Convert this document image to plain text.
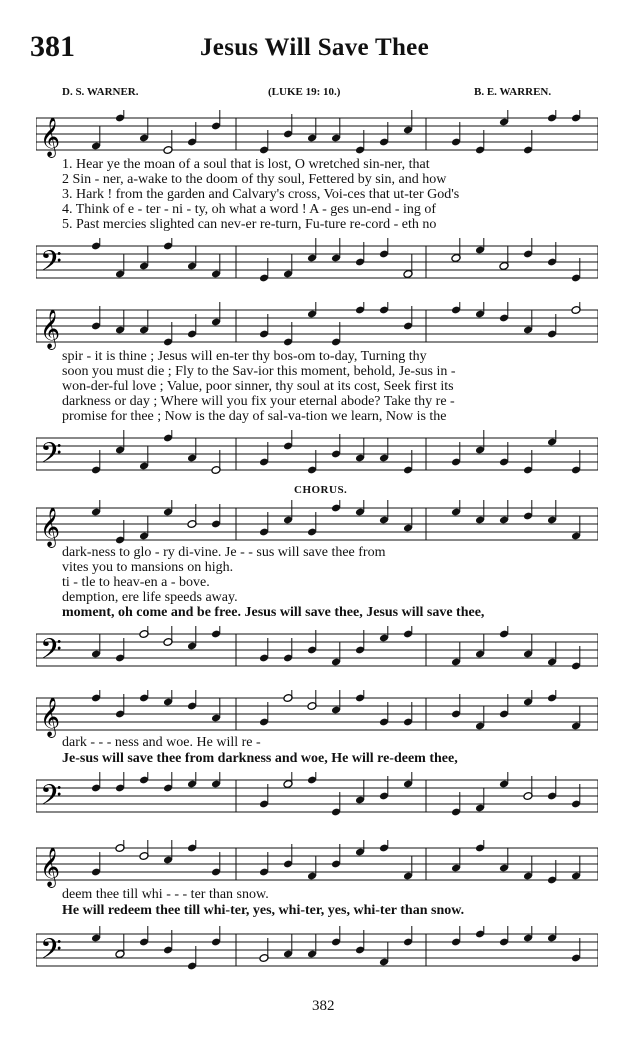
381	Jesus Will Save Thee
D. S. WARNER.	(LUKE 19: 10.)	B. E. WARREN.
𝄞
1. Hear ye the moan of a soul that is lost, O wretched sin-ner, that
2 Sin - ner, a-wake to the doom of thy soul, Fettered by sin, and how
3. Hark ! from the garden and Calvary's cross, Voi-ces that ut-ter God's
4. Think of e - ter - ni - ty, oh what a word ! A - ges un-end - ing of
5. Past mercies slighted can nev-er re-turn, Fu-ture re-cord - eth no
𝄢
𝄞
spir - it is thine ; Jesus will en-ter thy bos-om to-day, Turning thy
soon you must die ; Fly to the Sav-ior this moment, behold, Je-sus in -
won-der-ful love ; Value, poor sinner, thy soul at its cost, Seek first its
darkness or day ; Where will you fix your eternal abode? Take thy re -
promise for thee ; Now is the day of sal-va-tion we learn, Now is the
𝄢
CHORUS.
𝄞
dark-ness to glo - ry di-vine. Je - - sus will save thee from
vites you to mansions on high.
ti - tle to heav-en a - bove.
demption, ere life speeds away.
moment, oh come and be free. Jesus will save thee, Jesus will save thee,
𝄢
𝄞
dark - - - ness and woe. He will re -
Je-sus will save thee from darkness and woe, He will re-deem thee,
𝄢
𝄞
deem thee till whi - - - ter than snow.
He will redeem thee till whi-ter, yes, whi-ter, yes, whi-ter than snow.
𝄢
382
